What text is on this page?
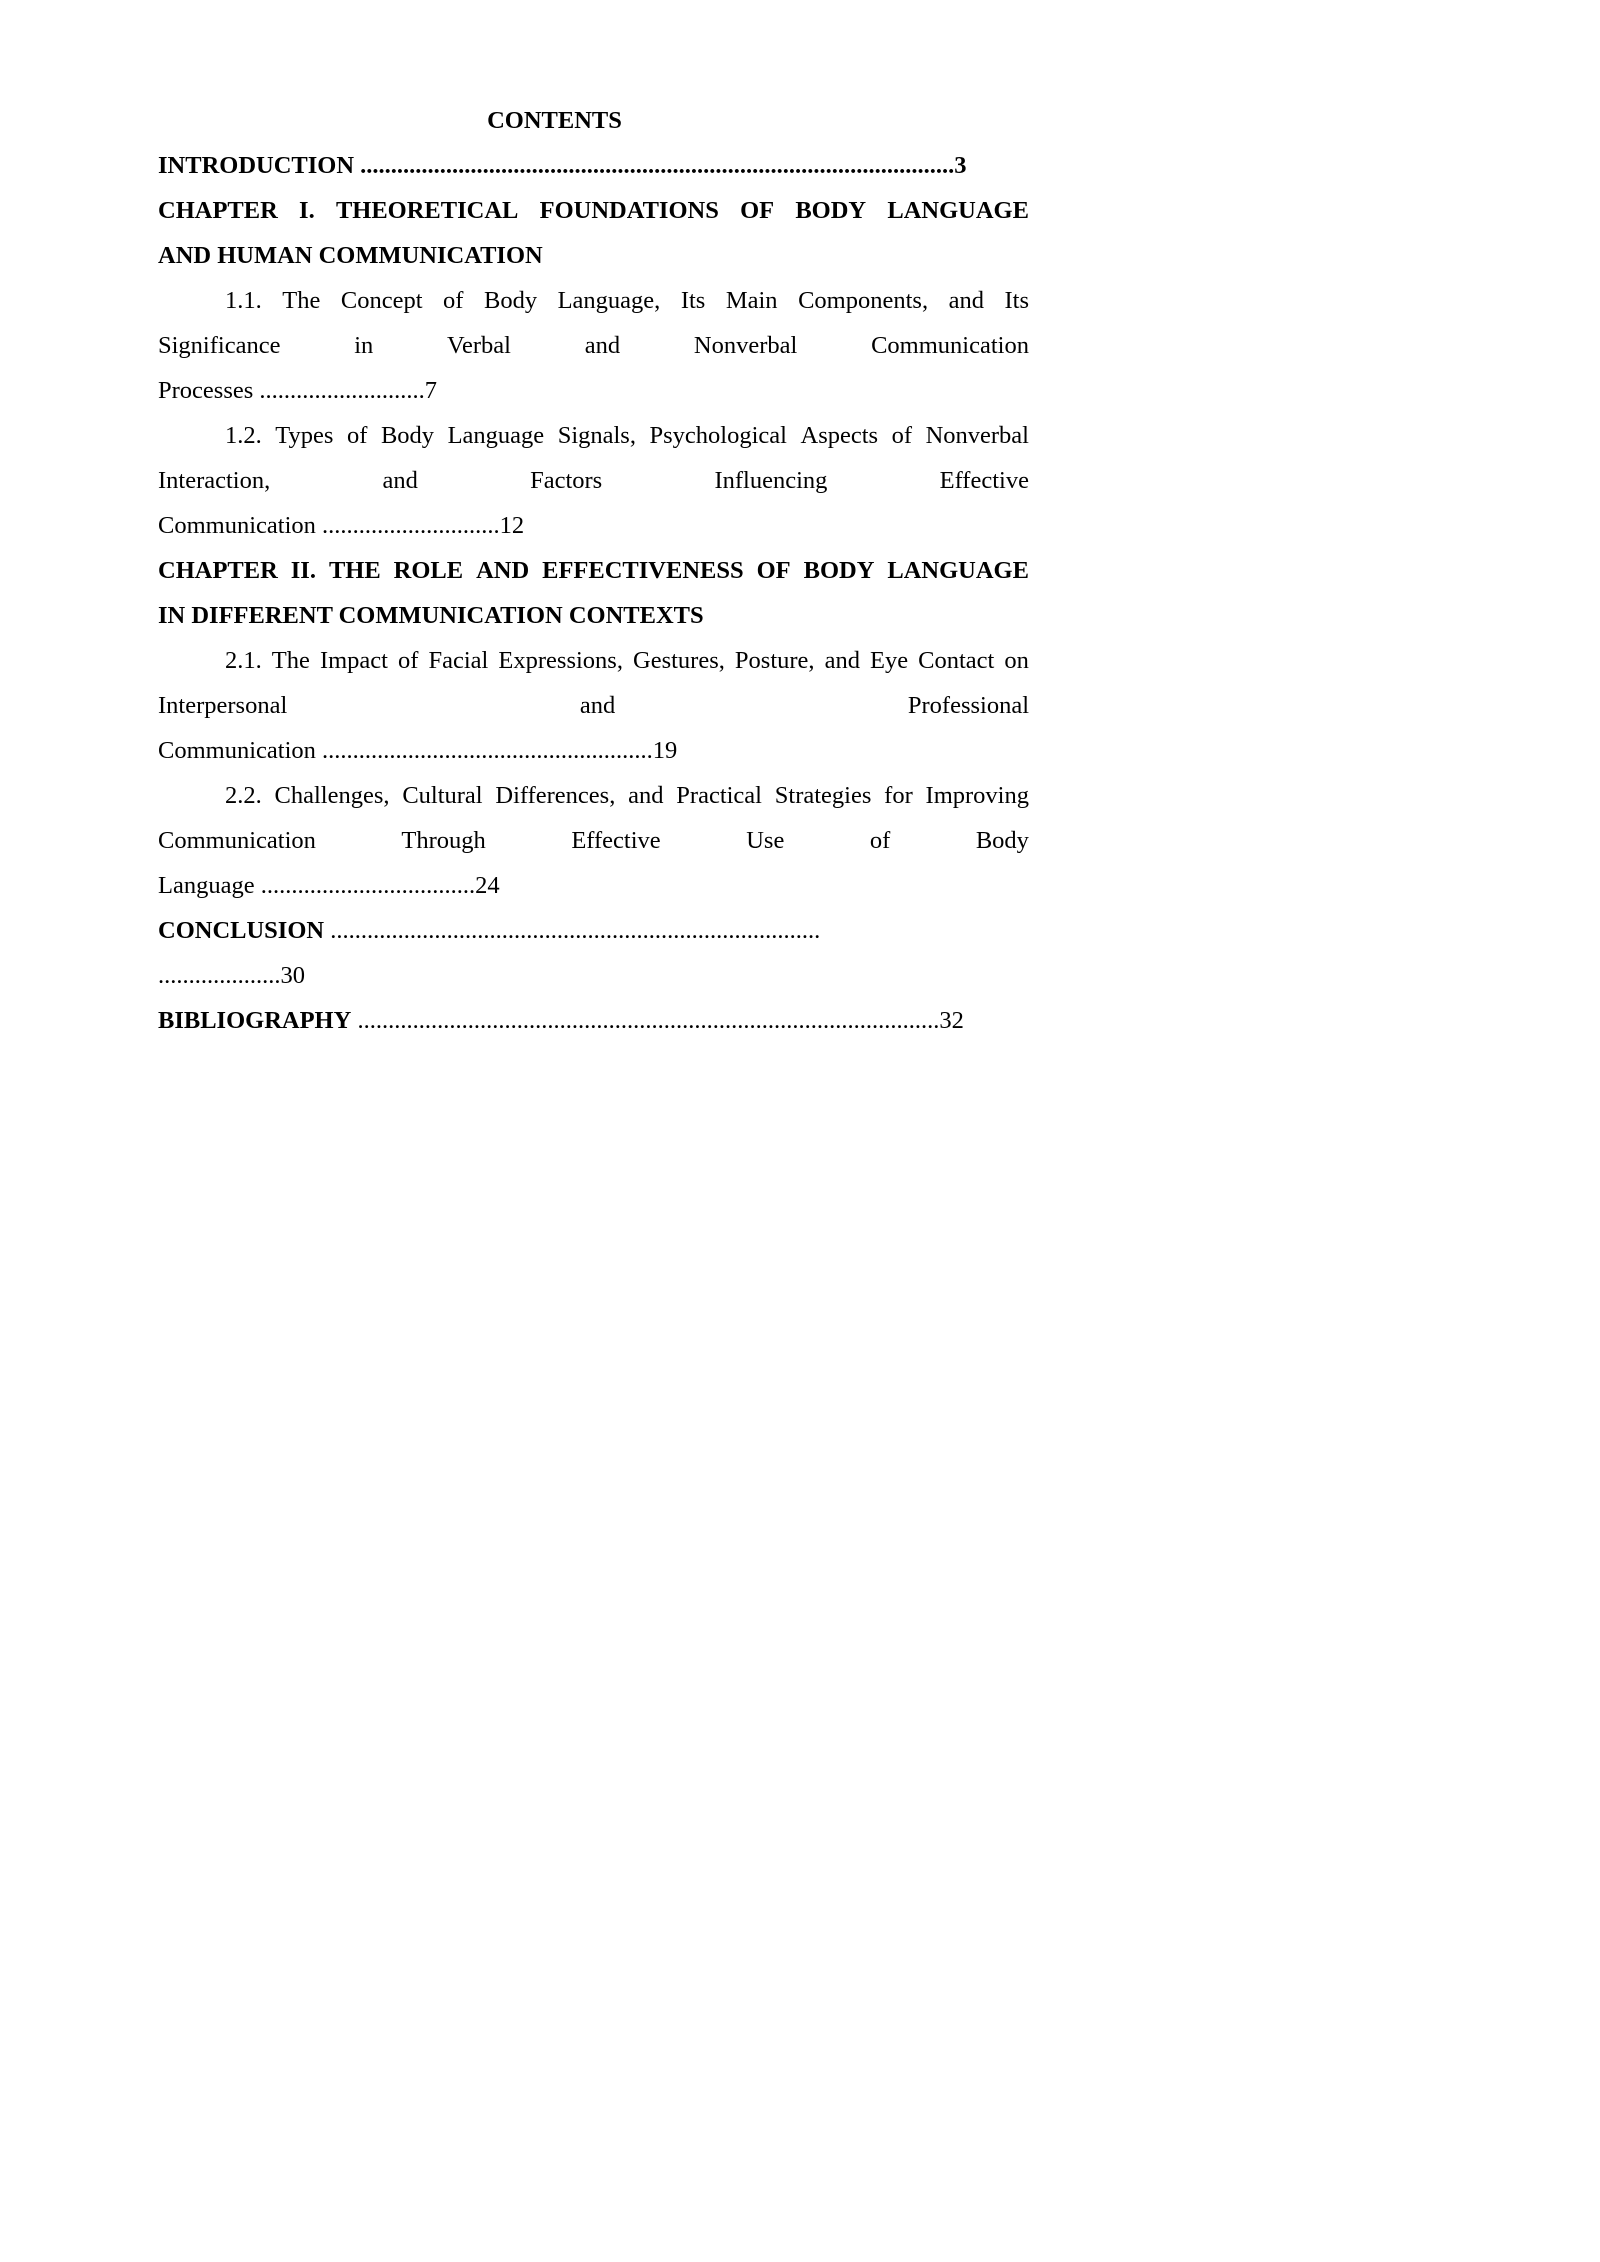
CONTENTS
INTRODUCTION .................................................................................................3
CHAPTER I. THEORETICAL FOUNDATIONS OF BODY LANGUAGE
AND HUMAN COMMUNICATION
1.1. The Concept of Body Language, Its Main Components, and Its
Significance	in	Verbal	and	Nonverbal	Communication
Processes ...........................7
1.2. Types of Body Language Signals, Psychological Aspects of Nonverbal
Interaction,	and	Factors	Influencing	Effective
Communication .............................12
CHAPTER II. THE ROLE AND EFFECTIVENESS OF BODY LANGUAGE
IN DIFFERENT COMMUNICATION CONTEXTS
2.1. The Impact of Facial Expressions, Gestures, Posture, and Eye Contact on
Interpersonal	and	Professional
Communication ......................................................19
2.2. Challenges, Cultural Differences, and Practical Strategies for Improving
Communication	Through	Effective	Use	of	Body
Language ...................................24
CONCLUSION ................................................................................
....................30
BIBLIOGRAPHY ...............................................................................................32
